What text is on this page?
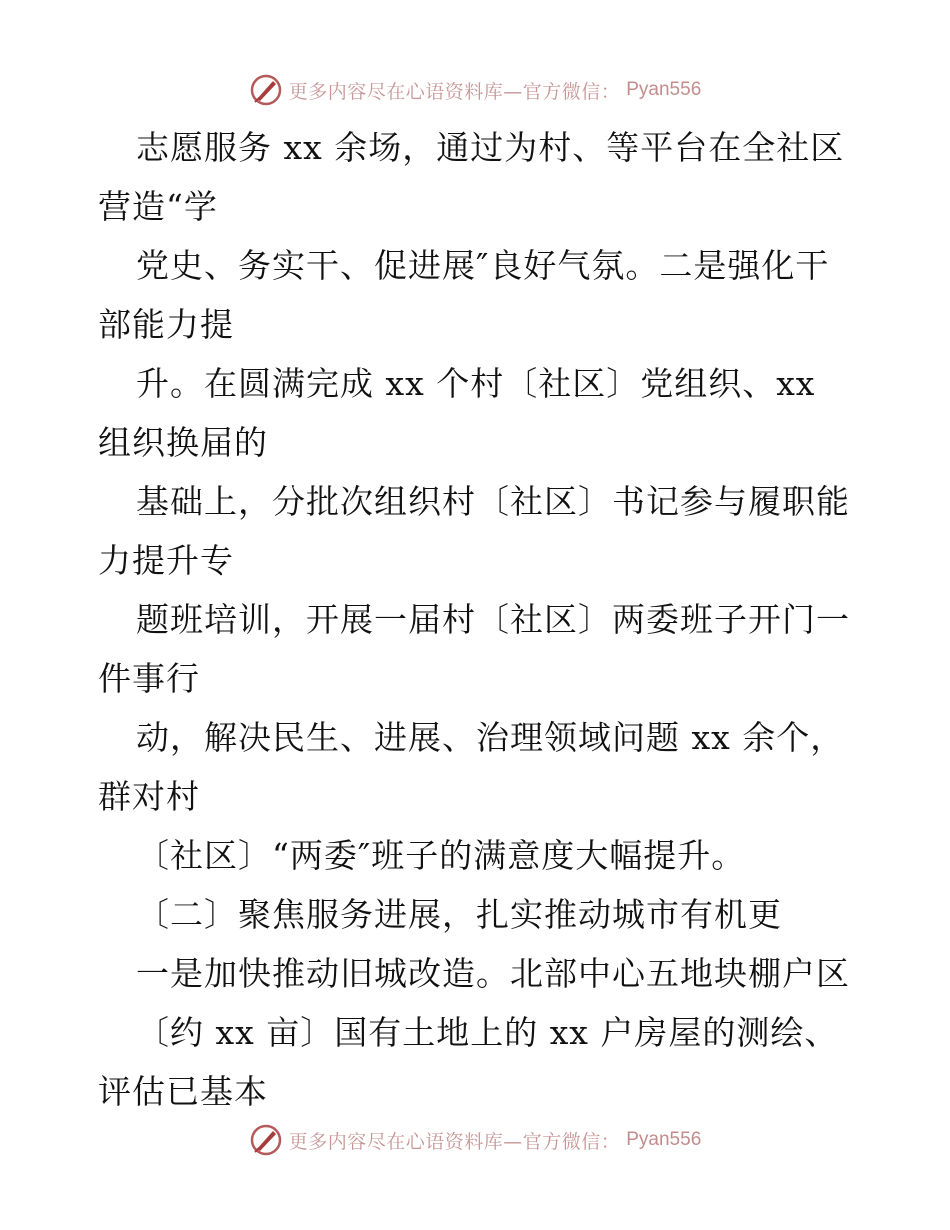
更多内容尽在心语资料库—官方微信： Pyan556
志愿服务 xx 余场，通过为村、等平台在全社区
营造“学
党史、务实干、促进展″良好气氛。二是强化干
部能力提
升。在圆满完成 xx 个村〔社区〕党组织、xx
组织换届的
基础上，分批次组织村〔社区〕书记参与履职能
力提升专
题班培训，开展一届村〔社区〕两委班子开门一
件事行
动，解决民生、进展、治理领域问题 xx 余个，
群对村
〔社区〕“两委″班子的满意度大幅提升。
〔二〕聚焦服务进展，扎实推动城市有机更
一是加快推动旧城改造。北部中心五地块棚户区
〔约 xx 亩〕国有土地上的 xx 户房屋的测绘、
评估已基本
更多内容尽在心语资料库—官方微信： Pyan556
